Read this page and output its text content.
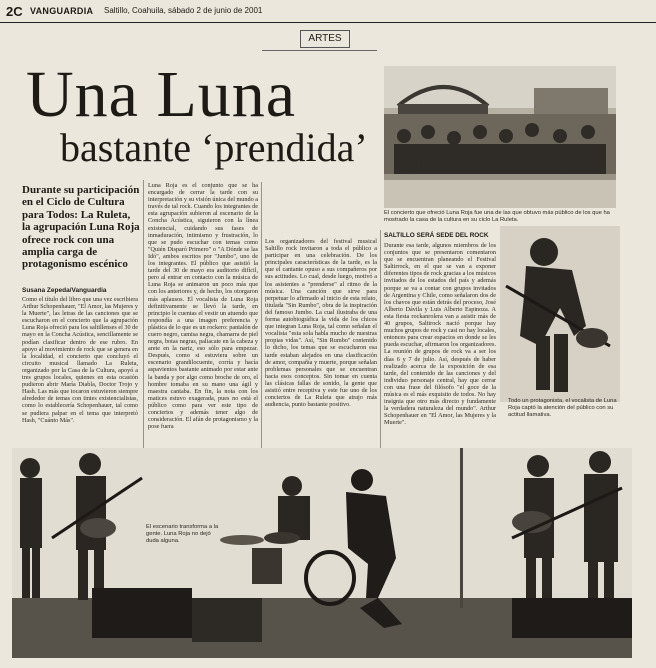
2C VANGUARDIA Saltillo, Coahuila, sábado 2 de junio de 2001
ARTES
Una Luna
bastante ‘prendida’
Durante su participación en el Ciclo de Cultura para Todos: La Ruleta, la agrupación Luna Roja ofrece rock con una amplia carga de protagonismo escénico
Susana Zepeda/Vanguardia
Como el título del libro que una vez escribiera Arthur Schopenhauer, "El Amor, las Mujeres y la Muerte", las letras de las canciones que se escucharon en el concierto que la agrupación Luna Roja ofreció para los saltillenses el 30 de mayo en la Concha Acústica, sencillamente se podían clasificar dentro de ese rubro. En apoyo al movimiento de rock que se genera en la localidad, el concierto que concluyó el circuito musical llamado La Ruleta, organizado por la Casa de la Cultura, apoyó a tres grupos locales, quienes en esta ocasión pudieron abrir María Diabla, Doctor Trojo y Hash. Las más que tocaron estuvieron siempre alrededor de temas con tintes existencialistas, como lo establecería Schopenhauer, tal como se pudiera palpar en el tema que interpretó Hash, "Cuánto Más".
Luna Roja es el conjunto que se ha encargado de cerrar la tarde con su interpretación y su visión única del mundo a través de tal rock. Cuando los integrantes de esta agrupación subieron al escenario de la Concha Acústica, siguieron con la línea existencial, cuidando sus fases de inmaduración, intimismo y frustración, lo que se pudo escuchar con temas como "Quién Disparó Primero" o "A Dónde se las Idó", ambos escritos por "Jumbo", uno de los integrantes. El público que asistió la tarde del 30 de mayo era auditorio difícil, pero al entrar en contacto con la música de Luna Roja se animaron un poco más que con los anteriores y, de hecho, los otorgaron más aplausos. El vocalista de Luna Roja definitivamente se llevó la tarde, en principio le cuentas el vestir un atuendo que respondía a una imagen preferencia y plástica de lo que es un rockero: pantalón de cuero negro, camisa negra, chamarra de piel negra, botas negras, paliacate en la cabeza y arete en la nariz, eso sólo para empezar. Después, como si estuviera sobre un escenario grandilocuente, corría y hacía aspavientos bastante animado por estar ante la banda y por algo como broche de oro, el hombre tomaba en su mano una ágil y maestra cantaba. En fin, la nota con los matices estuvo exagerada, pues no está el público como para ver este tipo de conciertos y además tener algo de consideración. El afán de protagonismo y la pose fuera
Los organizadores del festival musical Saltillo rock invitaron a toda el público a participar en una celebración. De los principales características de la tarde, es la que el cantante opuso a sus compañeros por sus actitudes. Lo cual, desde luego, motivó a los asistentes a "prenderse" al ritmo de la música. Una canción que sirve para perpetuar lo afirmado al inicio de esta relato, titulada "Sin Rumbo", obra de la inspiración del famoso Jumbo. La cual ilustraba de una forma autobiográfica la vida de los chicos que integran Luna Roja, tal como señalan el vocalista "esta sola habla mucho de nuestras propias vidas". Así, "Sin Rumbo" contenido lo dicho, los temas que se escucharon esa tarde estaban alejados en una clasificación de amor, compañía y muerte, porque señalan problemas personales que se encuentran hacia esos conceptos. Sin tomar en cuenta las clásicas fallas de sonido, la gente que asistió entre receptiva y este fue uno de los conciertos de La Ruleta que atrajo más audiencia, punto bastante positivo.
SALTILLO SERÁ SEDE DEL ROCK
Durante esa tarde, algunos miembros de los conjuntos que se presentaron comentaron que se encuentran planeando el Festival Saltirrock, en el que se van a exponer diferentes tipos de rock gracias a los músicos invitados de los estados del país y además porque se va a contar con grupos invitados de Argentina y Chile, como señalaron dos de los chavos que están detrás del proceso, José Alberto Dávila y Luis Alberto Espinoza. A esta fiesta rockanrolera van a asistir más de 40 grupos, Saltirock nació porque hay muchos grupos de rock y casi no hay locales, entonces para crear espacios en donde se les pueda escuchar, afirmaron los organizadores. La reunión de grupos de rock va a ser los días 6 y 7 de julio. Así, después de haber realizado acerca de la exposición de esa tarde, del contenido de las canciones y del individuo personaje central, hay que cerrar con una frase del filósofo "el goce de la música es el más exquisito de todos. No hay insignia que otro más directo y fundamente la verdadera naturaleza del mundo". Arthur Schopenhauer en "El Amor, las Mujeres y la Muerte".
El concierto que ofreció Luna Roja fue una de las que obtuvo más público de los que ha mostrado la casa de la cultura en su ciclo La Ruleta.
Todo un protagonista, el vocalista de Luna Roja captó la atención del público con su actitud llamativa.
El escenario transforma a la gente. Luna Roja no dejó duda alguna.
